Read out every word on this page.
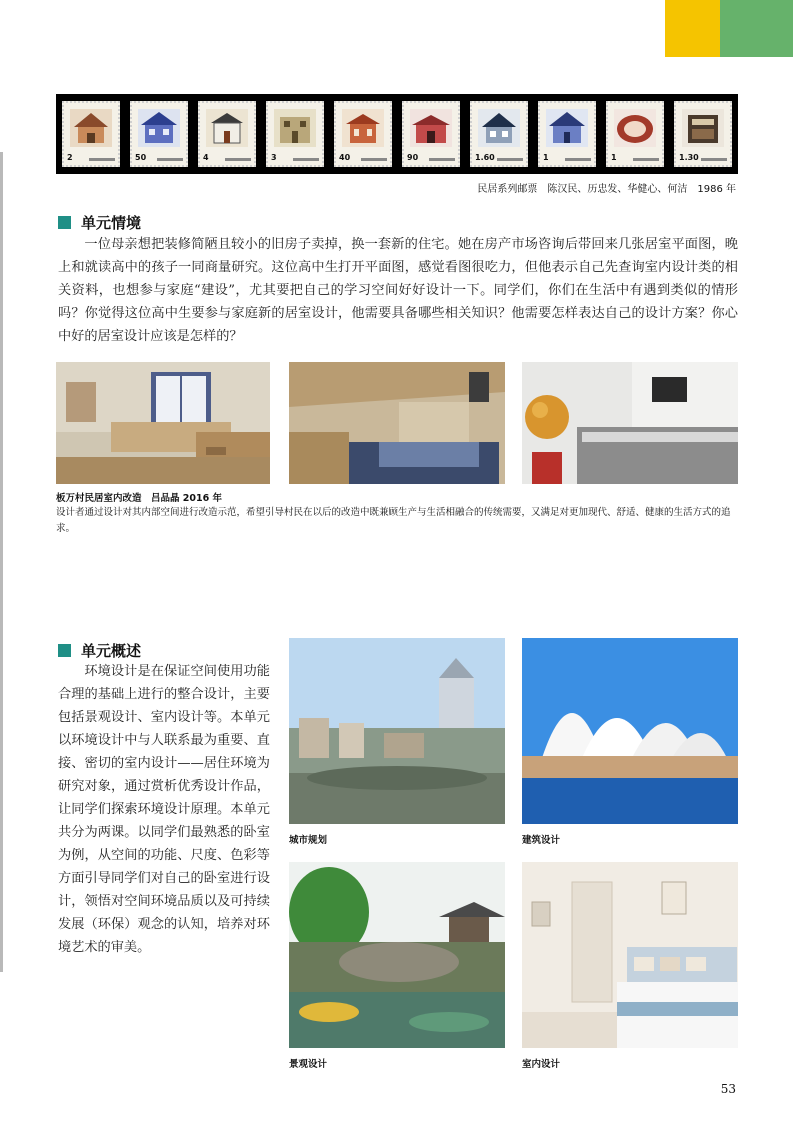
2	50	4	3	40	90	1.60	1	1	1.30
民居系列邮票　陈汉民、历忠发、华健心、何洁　1986 年
单元情境

一位母亲想把装修简陋且较小的旧房子卖掉，换一套新的住宅。她在房产市场咨询后带回来几张居室平面图，晚上和就读高中的孩子一同商量研究。这位高中生打开平面图，感觉看图很吃力，但他表示自己先查询室内设计类的相关资料，也想参与家庭“建设”，尤其要把自己的学习空间好好设计一下。同学们，你们在生活中有遇到类似的情形吗？你觉得这位高中生要参与家庭新的居室设计，他需要具备哪些相关知识？他需要怎样表达自己的设计方案？你心中好的居室设计应该是怎样的？

板万村民居室内改造　吕品晶 2016 年

设计者通过设计对其内部空间进行改造示范，希望引导村民在以后的改造中既兼顾生产与生活相融合的传统需要，又满足对更加现代、舒适、健康的生活方式的追求。

单元概述

环境设计是在保证空间使用功能合理的基础上进行的整合设计，主要包括景观设计、室内设计等。本单元以环境设计中与人联系最为重要、直接、密切的室内设计——居住环境为研究对象，通过赏析优秀设计作品，让同学们探索环境设计原理。本单元共分为两课。以同学们最熟悉的卧室为例，从空间的功能、尺度、色彩等方面引导同学们对自己的卧室进行设计，领悟对空间环境品质以及可持续发展（环保）观念的认知，培养对环境艺术的审美。

城市规划	建筑设计
景观设计	室内设计
53
